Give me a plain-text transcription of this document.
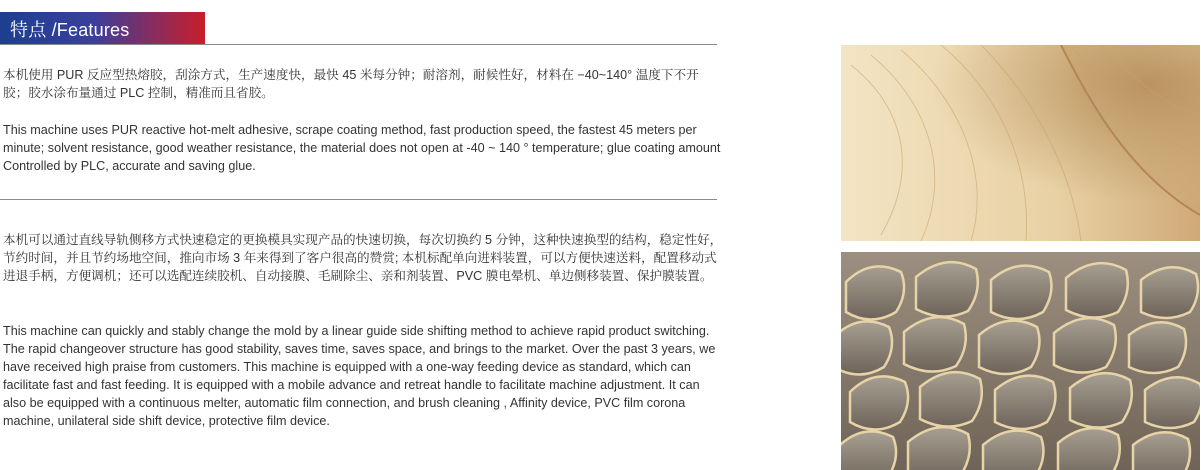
特点 /Features

本机使用 PUR 反应型热熔胶，刮涂方式，生产速度快，最快 45 米每分钟；耐溶剂，耐候性好，材料在 −40~140° 温度下不开胶；胶水涂布量通过 PLC 控制，精准而且省胶。

This machine uses PUR reactive hot-melt adhesive, scrape coating method, fast production speed, the fastest 45 meters per minute; solvent resistance, good weather resistance, the material does not open at -40 ~ 140 ° temperature; glue coating amount Controlled by PLC, accurate and saving glue.

本机可以通过直线导轨侧移方式快速稳定的更换模具实现产品的快速切换，每次切换约 5 分钟，这种快速换型的结构，稳定性好，节约时间，并且节约场地空间，推向市场 3 年来得到了客户很高的赞赏; 本机标配单向进料装置，可以方便快速送料，配置移动式进退手柄，方便调机；还可以选配连续胶机、自动接膜、毛刷除尘、亲和剂装置、PVC 膜电晕机、单边侧移装置、保护膜装置。

This machine can quickly and stably change the mold by a linear guide side shifting method to achieve rapid product switching. The rapid changeover structure has good stability, saves time, saves space, and brings to the market. Over the past 3 years, we have received high praise from customers. This machine is equipped with a one-way feeding device as standard, which can facilitate fast and fast feeding. It is equipped with a mobile advance and retreat handle to facilitate machine adjustment. It can also be equipped with a continuous melter, automatic film connection, and brush cleaning , Affinity device, PVC film corona machine, unilateral side shift device, protective film device.
